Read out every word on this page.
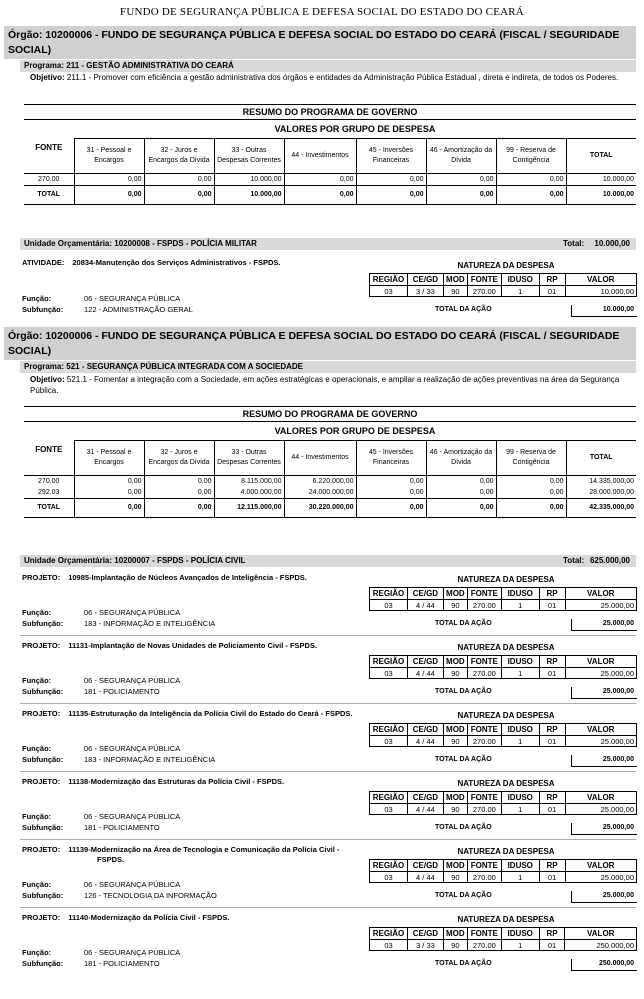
FUNDO DE SEGURANÇA PÚBLICA E DEFESA SOCIAL DO ESTADO DO CEARÁ
Órgão: 10200006 - FUNDO DE SEGURANÇA PÚBLICA E DEFESA SOCIAL DO ESTADO DO CEARÁ (FISCAL / SEGURIDADE SOCIAL)
Programa: 211 - GESTÃO ADMINISTRATIVA DO CEARÁ
Objetivo: 211.1 - Promover com eficiência a gestão administrativa dos órgãos e entidades da Administração Pública Estadual , direta e indireta, de todos os Poderes.
RESUMO DO PROGRAMA DE GOVERNO								
	VALORES POR GRUPO DE DESPESA							
FONTE	31 - Pessoal e Encargos	32 - Juros e Encargos da Dívida	33 - Outras Despesas Correntes	44 - Investimentos	45 - Inversões Financeiras	46 - Amortização da Dívida	99 - Reserva de Contigência	TOTAL
270.00	0,00	0,00	10.000,00	0,00	0,00	0,00	0,00	10.000,00
TOTAL	0,00	0,00	10.000,00	0,00	0,00	0,00	0,00	10.000,00
Unidade Orçamentária: 10200008 - FSPDS - POLÍCIA MILITAR	Total: 10.000,00
ATIVIDADE: 20834-Manutenção dos Serviços Administrativos - FSPDS.	NATUREZA DA DESPESA
REGIÃO	CE/GD	MOD	FONTE	IDUSO	RP	VALOR
03	3 / 33	90	270.00	1	01	10.000,00
Função:	06 - SEGURANÇA PÚBLICA
Subfunção:	122 - ADMINISTRAÇÃO GERAL	TOTAL DA AÇÃO	10.000,00
Órgão: 10200006 - FUNDO DE SEGURANÇA PÚBLICA E DEFESA SOCIAL DO ESTADO DO CEARÁ (FISCAL / SEGURIDADE SOCIAL)
Programa: 521 - SEGURANÇA PÚBLICA INTEGRADA COM A SOCIEDADE
Objetivo: 521.1 - Fomentar a integração com a Sociedade, em ações estratégicas e operacionais, e ampliar a realização de ações preventivas na área da Segurança Pública.
RESUMO DO PROGRAMA DE GOVERNO								
	VALORES POR GRUPO DE DESPESA							
FONTE	31 - Pessoal e Encargos	32 - Juros e Encargos da Dívida	33 - Outras Despesas Correntes	44 - Investimentos	45 - Inversões Financeiras	46 - Amortização da Dívida	99 - Reserva de Contigência	TOTAL
270.00	0,00	0,00	8.115.000,00	6.220.000,00	0,00	0,00	0,00	14.335.000,00
292.03	0,00	0,00	4.000.000,00	24.000.000,00	0,00	0,00	0,00	28.000.000,00
TOTAL	0,00	0,00	12.115.000,00	30.220.000,00	0,00	0,00	0,00	42.335.000,00
Unidade Orçamentária: 10200007 - FSPDS - POLÍCIA CIVIL	Total: 625.000,00
PROJETO: 10985-Implantação de Núcleos Avançados de Inteligência - FSPDS.	NATUREZA DA DESPESA
REGIÃO	CE/GD	MOD	FONTE	IDUSO	RP	VALOR
03	4 / 44	90	270.00	1	01	25.000,00
Função:	06 - SEGURANÇA PÚBLICA
Subfunção:	183 - INFORMAÇÃO E INTELIGÊNCIA	TOTAL DA AÇÃO	25.000,00
PROJETO: 11131-Implantação de Novas Unidades de Policiamento Civil - FSPDS.	NATUREZA DA DESPESA
REGIÃO	CE/GD	MOD	FONTE	IDUSO	RP	VALOR
03	4 / 44	90	270.00	1	01	25.000,00
Função:	06 - SEGURANÇA PÚBLICA
Subfunção:	181 - POLICIAMENTO	TOTAL DA AÇÃO	25.000,00
PROJETO: 11135-Estruturação da Inteligência da Polícia Civil do Estado do Ceará - FSPDS.	NATUREZA DA DESPESA
REGIÃO	CE/GD	MOD	FONTE	IDUSO	RP	VALOR
03	4 / 44	90	270.00	1	01	25.000,00
Função:	06 - SEGURANÇA PÚBLICA
Subfunção:	183 - INFORMAÇÃO E INTELIGÊNCIA	TOTAL DA AÇÃO	25.000,00
PROJETO: 11138-Modernização das Estruturas da Polícia Civil - FSPDS.	NATUREZA DA DESPESA
REGIÃO	CE/GD	MOD	FONTE	IDUSO	RP	VALOR
03	4 / 44	90	270.00	1	01	25.000,00
Função:	06 - SEGURANÇA PÚBLICA
Subfunção:	181 - POLICIAMENTO	TOTAL DA AÇÃO	25.000,00
PROJETO: 11139-Modernização na Área de Tecnologia e Comunicação da Polícia Civil -
FSPDS.
NATUREZA DA DESPESA
REGIÃO	CE/GD	MOD	FONTE	IDUSO	RP	VALOR
03	4 / 44	90	270.00	1	01	25.000,00
Função:	06 - SEGURANÇA PÚBLICA
Subfunção:	126 - TECNOLOGIA DA INFORMAÇÃO	TOTAL DA AÇÃO	25.000,00
PROJETO: 11140-Modernização da Polícia Civil - FSPDS.	NATUREZA DA DESPESA
REGIÃO	CE/GD	MOD	FONTE	IDUSO	RP	VALOR
03	3 / 33	90	270.00	1	01	250.000,00
Função:	06 - SEGURANÇA PÚBLICA
Subfunção:	181 - POLICIAMENTO	TOTAL DA AÇÃO	250.000,00
